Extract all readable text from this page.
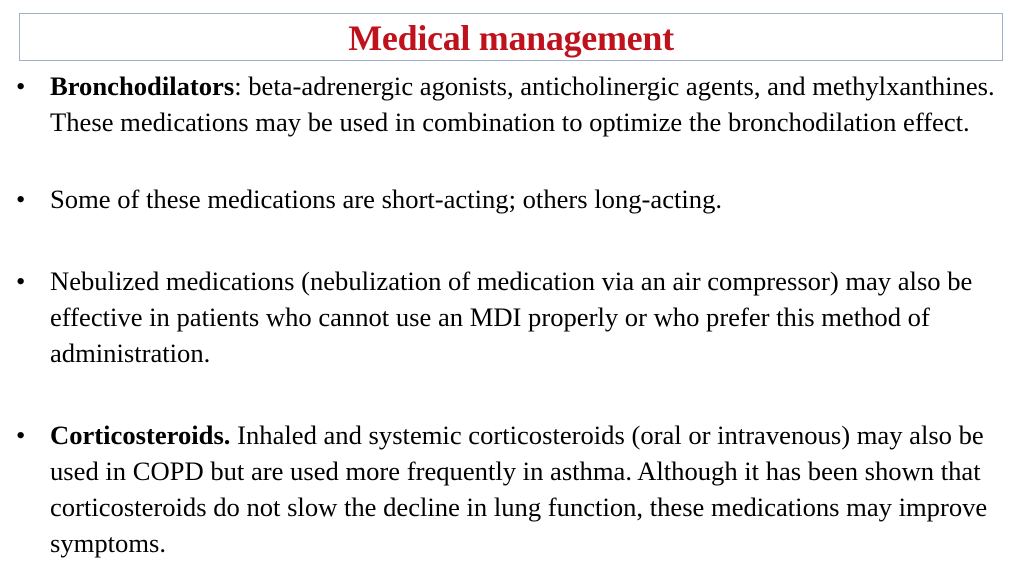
Medical management
• Bronchodilators: beta-adrenergic agonists, anticholinergic agents, and methylxanthines. These medications may be used in combination to optimize the bronchodilation effect.
• Some of these medications are short-acting; others long-acting.
• Nebulized medications (nebulization of medication via an air compressor) may also be effective in patients who cannot use an MDI properly or who prefer this method of administration.
• Corticosteroids. Inhaled and systemic corticosteroids (oral or intravenous) may also be used in COPD but are used more frequently in asthma. Although it has been shown that corticosteroids do not slow the decline in lung function, these medications may improve symptoms.
